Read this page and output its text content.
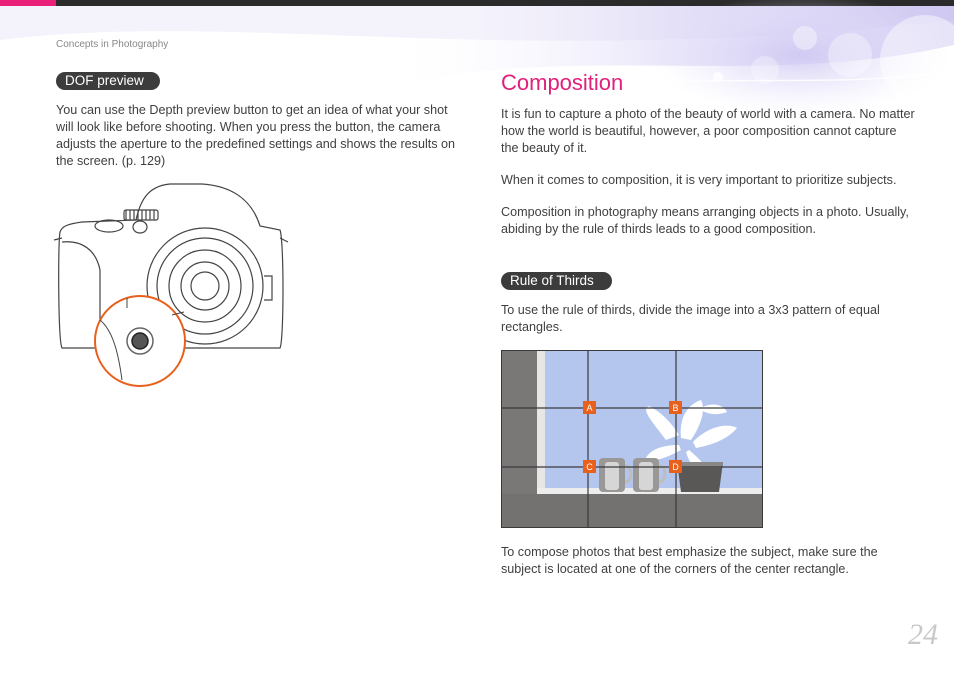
Concepts in Photography
DOF preview

You can use the Depth preview button to get an idea of what your shot will look like before shooting. When you press the button, the camera adjusts the aperture to the predefined settings and shows the results on the screen. (p. 129)

Composition

It is fun to capture a photo of the beauty of world with a camera. No matter how the world is beautiful, however, a poor composition cannot capture the beauty of it.

When it comes to composition, it is very important to prioritize subjects.

Composition in photography means arranging objects in a photo. Usually, abiding by the rule of thirds leads to a good composition.

Rule of Thirds

To use the rule of thirds, divide the image into a 3x3 pattern of equal rectangles.

A	B
C	D

To compose photos that best emphasize the subject, make sure the subject is located at one of the corners of the center rectangle.

24
